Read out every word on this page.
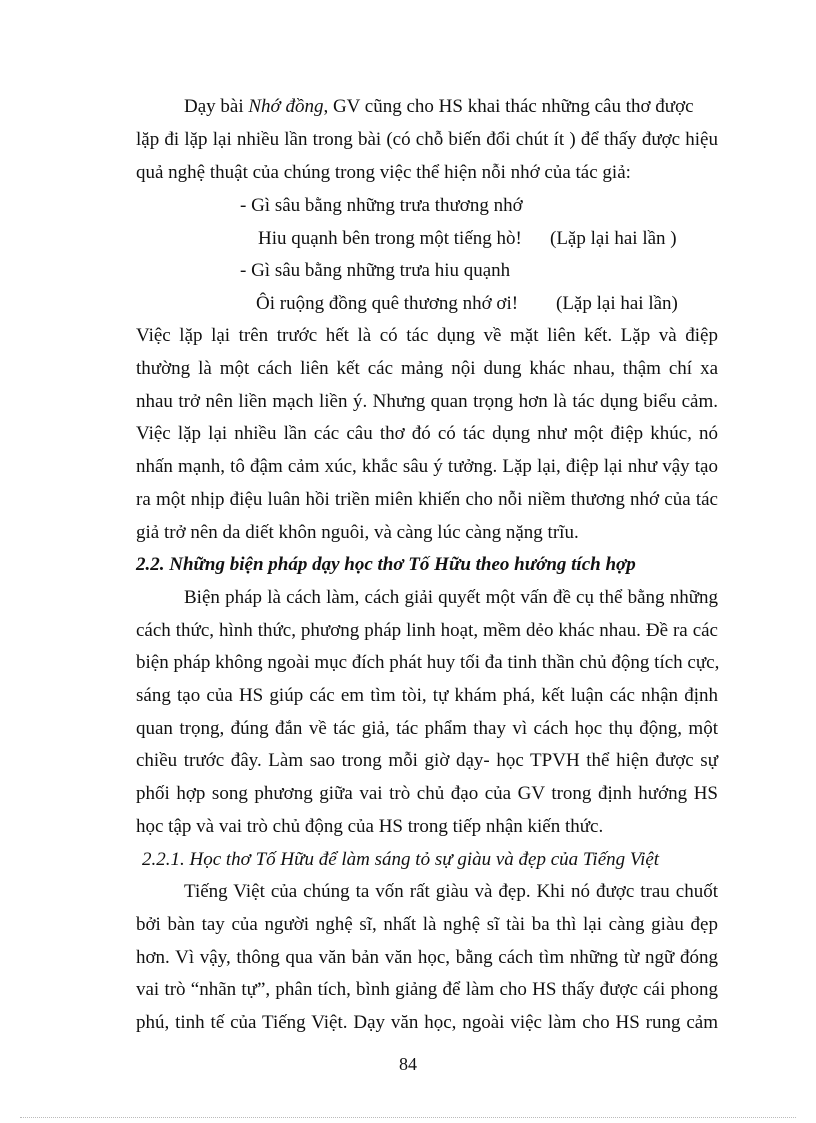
Dạy bài Nhớ đồng, GV cũng cho HS khai thác những câu thơ được
lặp đi lặp lại nhiều lần trong bài (có chỗ biến đổi chút ít ) để thấy được hiệu
quả nghệ thuật của chúng trong việc thể hiện nỗi nhớ của tác giả:
- Gì sâu bằng những trưa thương nhớ
Hiu quạnh bên trong một tiếng hò! (Lặp lại hai lần )
- Gì sâu bằng những trưa hiu quạnh
Ôi ruộng đồng quê thương nhớ ơi! (Lặp lại hai lần)
Việc lặp lại trên trước hết là có tác dụng về mặt liên kết. Lặp và điệp
thường là một cách liên kết các mảng nội dung khác nhau, thậm chí xa
nhau trở nên liền mạch liền ý. Nhưng quan trọng hơn là tác dụng biểu cảm.
Việc lặp lại nhiều lần các câu thơ đó có tác dụng như một điệp khúc, nó
nhấn mạnh, tô đậm cảm xúc, khắc sâu ý tưởng. Lặp lại, điệp lại như vậy tạo
ra một nhịp điệu luân hồi triền miên khiến cho nỗi niềm thương nhớ của tác
giả trở nên da diết khôn nguôi, và càng lúc càng nặng trĩu.
2.2. Những biện pháp dạy học thơ Tố Hữu theo hướng tích hợp
Biện pháp là cách làm, cách giải quyết một vấn đề cụ thể bằng những
cách thức, hình thức, phương pháp linh hoạt, mềm dẻo khác nhau. Đề ra các
biện pháp không ngoài mục đích phát huy tối đa tinh thần chủ động tích cực,
sáng tạo của HS giúp các em tìm tòi, tự khám phá, kết luận các nhận định
quan trọng, đúng đắn về tác giả, tác phẩm thay vì cách học thụ động, một
chiều trước đây. Làm sao trong mỗi giờ dạy- học TPVH thể hiện được sự
phối hợp song phương giữa vai trò chủ đạo của GV trong định hướng HS
học tập và vai trò chủ động của HS trong tiếp nhận kiến thức.
2.2.1. Học thơ Tố Hữu để làm sáng tỏ sự giàu và đẹp của Tiếng Việt
Tiếng Việt của chúng ta vốn rất giàu và đẹp. Khi nó được trau chuốt
bởi bàn tay của người nghệ sĩ, nhất là nghệ sĩ tài ba thì lại càng giàu đẹp
hơn. Vì vậy, thông qua văn bản văn học, bằng cách tìm những từ ngữ đóng
vai trò “nhãn tự”, phân tích, bình giảng để làm cho HS thấy được cái phong
phú, tinh tế của Tiếng Việt. Dạy văn học, ngoài việc làm cho HS rung cảm
84
